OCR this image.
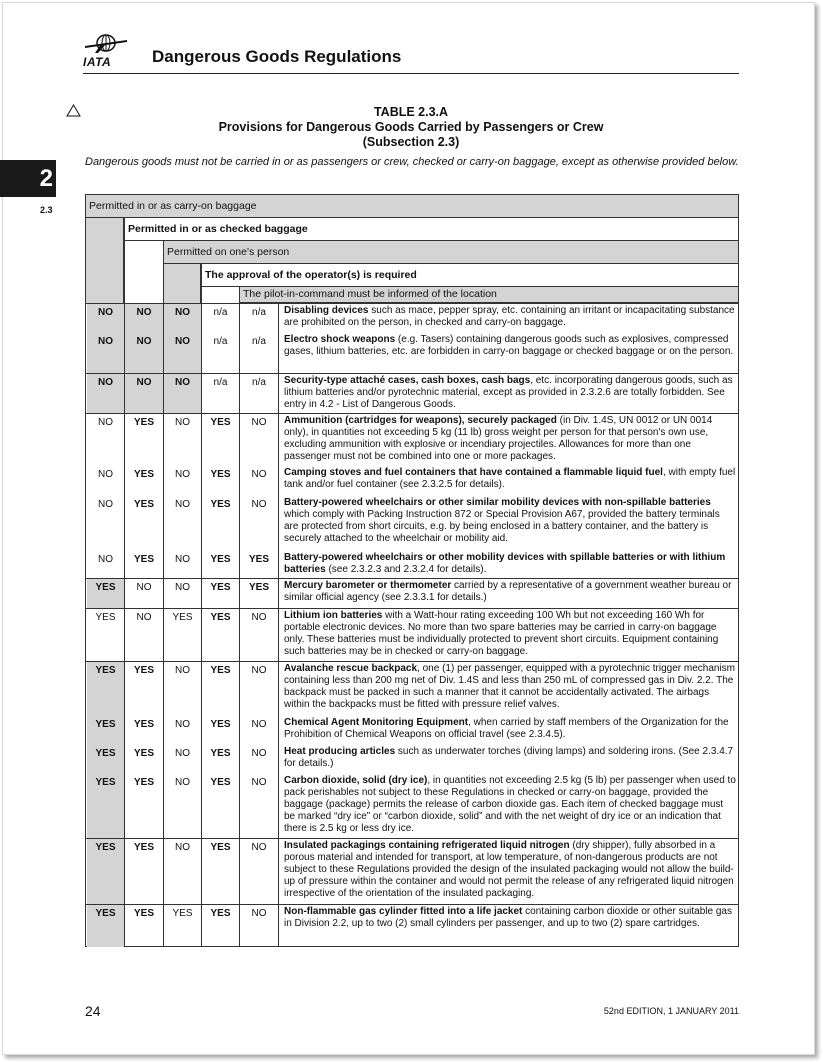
IATA Dangerous Goods Regulations
2
2.3
TABLE 2.3.A
Provisions for Dangerous Goods Carried by Passengers or Crew
(Subsection 2.3)
Dangerous goods must not be carried in or as passengers or crew, checked or carry-on baggage, except as otherwise provided below.
Permitted in or as carry-on baggage
Permitted in or as checked baggage
Permitted on one's person
The approval of the operator(s) is required
The pilot-in-command must be informed of the location
NO	NO	NO	n/a	n/a	Disabling devices such as mace, pepper spray, etc. containing an irritant or incapacitating substance are prohibited on the person, in checked and carry-on baggage.
NO	NO	NO	n/a	n/a	Electro shock weapons (e.g. Tasers) containing dangerous goods such as explosives, compressed gases, lithium batteries, etc. are forbidden in carry-on baggage or checked baggage or on the person.
NO	NO	NO	n/a	n/a	Security-type attaché cases, cash boxes, cash bags, etc. incorporating dangerous goods, such as lithium batteries and/or pyrotechnic material, except as provided in 2.3.2.6 are totally forbidden. See entry in 4.2 - List of Dangerous Goods.
NO	YES	NO	YES	NO	Ammunition (cartridges for weapons), securely packaged (in Div. 1.4S, UN 0012 or UN 0014 only), in quantities not exceeding 5 kg (11 lb) gross weight per person for that person's own use, excluding ammunition with explosive or incendiary projectiles. Allowances for more than one passenger must not be combined into one or more packages.
NO	YES	NO	YES	NO	Camping stoves and fuel containers that have contained a flammable liquid fuel, with empty fuel tank and/or fuel container (see 2.3.2.5 for details).
NO	YES	NO	YES	NO	Battery-powered wheelchairs or other similar mobility devices with non-spillable batteries which comply with Packing Instruction 872 or Special Provision A67, provided the battery terminals are protected from short circuits, e.g. by being enclosed in a battery container, and the battery is securely attached to the wheelchair or mobility aid.
NO	YES	NO	YES	YES	Battery-powered wheelchairs or other mobility devices with spillable batteries or with lithium batteries (see 2.3.2.3 and 2.3.2.4 for details).
YES	NO	NO	YES	YES	Mercury barometer or thermometer carried by a representative of a government weather bureau or similar official agency (see 2.3.3.1 for details.)
YES	NO	YES	YES	NO	Lithium ion batteries with a Watt-hour rating exceeding 100 Wh but not exceeding 160 Wh for portable electronic devices. No more than two spare batteries may be carried in carry-on baggage only. These batteries must be individually protected to prevent short circuits. Equipment containing such batteries may be in checked or carry-on baggage.
YES	YES	NO	YES	NO	Avalanche rescue backpack, one (1) per passenger, equipped with a pyrotechnic trigger mechanism containing less than 200 mg net of Div. 1.4S and less than 250 mL of compressed gas in Div. 2.2. The backpack must be packed in such a manner that it cannot be accidentally activated. The airbags within the backpacks must be fitted with pressure relief valves.
YES	YES	NO	YES	NO	Chemical Agent Monitoring Equipment, when carried by staff members of the Organization for the Prohibition of Chemical Weapons on official travel (see 2.3.4.5).
YES	YES	NO	YES	NO	Heat producing articles such as underwater torches (diving lamps) and soldering irons. (See 2.3.4.7 for details.)
YES	YES	NO	YES	NO	Carbon dioxide, solid (dry ice), in quantities not exceeding 2.5 kg (5 lb) per passenger when used to pack perishables not subject to these Regulations in checked or carry-on baggage, provided the baggage (package) permits the release of carbon dioxide gas. Each item of checked baggage must be marked “dry ice” or “carbon dioxide, solid” and with the net weight of dry ice or an indication that there is 2.5 kg or less dry ice.
YES	YES	NO	YES	NO	Insulated packagings containing refrigerated liquid nitrogen (dry shipper), fully absorbed in a porous material and intended for transport, at low temperature, of non-dangerous products are not subject to these Regulations provided the design of the insulated packaging would not allow the build-up of pressure within the container and would not permit the release of any refrigerated liquid nitrogen irrespective of the orientation of the insulated packaging.
YES	YES	YES	YES	NO	Non-flammable gas cylinder fitted into a life jacket containing carbon dioxide or other suitable gas in Division 2.2, up to two (2) small cylinders per passenger, and up to two (2) spare cartridges.
24	52nd EDITION, 1 JANUARY 2011
